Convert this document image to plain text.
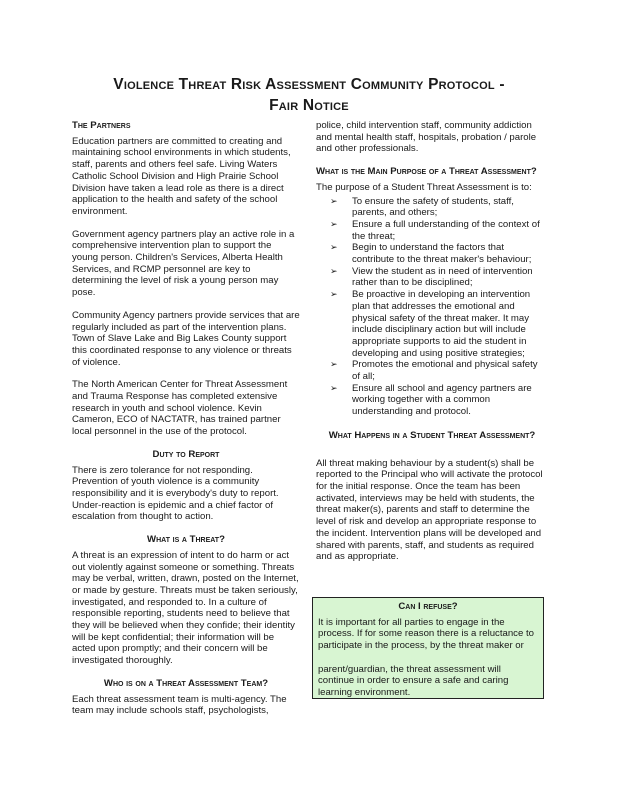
Violence Threat Risk Assessment Community Protocol -
Fair Notice
The Partners

Education partners are committed to creating and maintaining school environments in which students, staff, parents and others feel safe. Living Waters Catholic School Division and High Prairie School Division have taken a lead role as there is a direct application to the health and safety of the school environment.

Government agency partners play an active role in a comprehensive intervention plan to support the young person. Children's Services, Alberta Health Services, and RCMP personnel are key to determining the level of risk a young person may pose.

Community Agency partners provide services that are regularly included as part of the intervention plans. Town of Slave Lake and Big Lakes County support this coordinated response to any violence or threats of violence.

The North American Center for Threat Assessment and Trauma Response has completed extensive research in youth and school violence. Kevin Cameron, ECO of NACTATR, has trained partner local personnel in the use of the protocol.

Duty to Report

There is zero tolerance for not responding. Prevention of youth violence is a community responsibility and it is everybody's duty to report. Under-reaction is epidemic and a chief factor of escalation from thought to action.

What is a Threat?

A threat is an expression of intent to do harm or act out violently against someone or something. Threats may be verbal, written, drawn, posted on the Internet, or made by gesture. Threats must be taken seriously, investigated, and responded to. In a culture of responsible reporting, students need to believe that they will be believed when they confide; their identity will be kept confidential; their information will be acted upon promptly; and their concern will be investigated thoroughly.

Who is on a Threat Assessment Team?

Each threat assessment team is multi-agency. The team may include schools staff, psychologists,

police, child intervention staff, community addiction and mental health staff, hospitals, probation / parole and other professionals.

What is the Main Purpose of a Threat Assessment?

The purpose of a Student Threat Assessment is to:

➢ To ensure the safety of students, staff, parents, and others;
➢ Ensure a full understanding of the context of the threat;
➢ Begin to understand the factors that contribute to the threat maker's behaviour;
➢ View the student as in need of intervention rather than to be disciplined;
➢ Be proactive in developing an intervention plan that addresses the emotional and physical safety of the threat maker. It may include disciplinary action but will include appropriate supports to aid the student in developing and using positive strategies;
➢ Promotes the emotional and physical safety of all;
➢ Ensure all school and agency partners are working together with a common understanding and protocol.
What Happens in a Student Threat Assessment?

All threat making behaviour by a student(s) shall be reported to the Principal who will activate the protocol for the initial response. Once the team has been activated, interviews may be held with students, the threat maker(s), parents and staff to determine the level of risk and develop an appropriate response to the incident. Intervention plans will be developed and shared with parents, staff, and students as required and as appropriate.

Can I refuse?

It is important for all parties to engage in the process. If for some reason there is a reluctance to participate in the process, by the threat maker or

parent/guardian, the threat assessment will continue in order to ensure a safe and caring learning environment.
